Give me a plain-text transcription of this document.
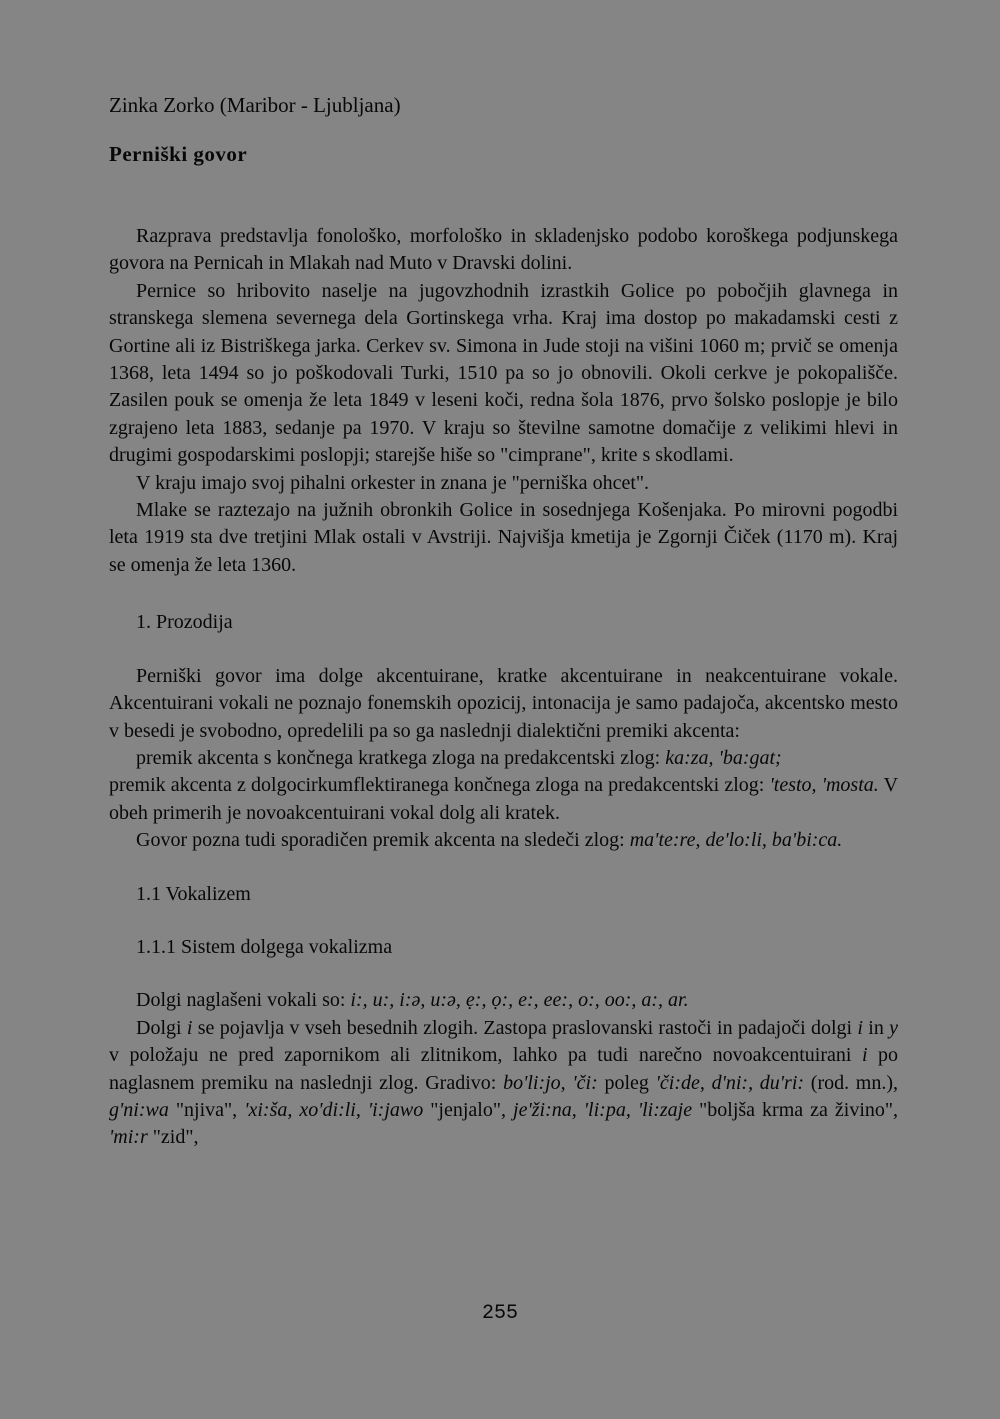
Zinka Zorko (Maribor - Ljubljana)
Perniški govor

Razprava predstavlja fonološko, morfološko in skladenjsko podobo koroškega podjunskega govora na Pernicah in Mlakah nad Muto v Dravski dolini.

Pernice so hribovito naselje na jugovzhodnih izrastkih Golice po pobočjih glavnega in stranskega slemena severnega dela Gortinskega vrha. Kraj ima dostop po makadamski cesti z Gortine ali iz Bistriškega jarka. Cerkev sv. Simona in Jude stoji na višini 1060 m; prvič se omenja 1368, leta 1494 so jo poškodovali Turki, 1510 pa so jo obnovili. Okoli cerkve je pokopališče. Zasilen pouk se omenja že leta 1849 v leseni koči, redna šola 1876, prvo šolsko poslopje je bilo zgrajeno leta 1883, sedanje pa 1970. V kraju so številne samotne domačije z velikimi hlevi in drugimi gospodarskimi poslopji; starejše hiše so "cimprane", krite s skodlami.

V kraju imajo svoj pihalni orkester in znana je "perniška ohcet".

Mlake se raztezajo na južnih obronkih Golice in sosednjega Košenjaka. Po mirovni pogodbi leta 1919 sta dve tretjini Mlak ostali v Avstriji. Najvišja kmetija je Zgornji Čiček (1170 m). Kraj se omenja že leta 1360.

1. Prozodija

Perniški govor ima dolge akcentuirane, kratke akcentuirane in neakcentuirane vokale. Akcentuirani vokali ne poznajo fonemskih opozicij, intonacija je samo padajoča, akcentsko mesto v besedi je svobodno, opredelili pa so ga naslednji dialektični premiki akcenta:

premik akcenta s končnega kratkega zloga na predakcentski zlog: ka:za, 'ba:gat;

premik akcenta z dolgocirkumflektiranega končnega zloga na predakcentski zlog: 'testo, 'mosta. V obeh primerih je novoakcentuirani vokal dolg ali kratek.

Govor pozna tudi sporadičen premik akcenta na sledeči zlog: ma'te:re, de'lo:li, ba'bi:ca.

1.1 Vokalizem

1.1.1 Sistem dolgega vokalizma

Dolgi naglašeni vokali so: i:, u:, i:ə, u:ə, ẹ:, ọ:, e:, ee:, o:, oo:, a:, ar.

Dolgi i se pojavlja v vseh besednih zlogih. Zastopa praslovanski rastoči in padajoči dolgi i in y v položaju ne pred zapornikom ali zlitnikom, lahko pa tudi narečno novoakcentuirani i po naglasnem premiku na naslednji zlog. Gradivo: bo'li:jo, 'či: poleg 'či:de, d'ni:, du'ri: (rod. mn.), g'ni:wa "njiva", 'xi:ša, xo'di:li, 'i:jawo "jenjalo", je'ži:na, 'li:pa, 'li:zaje "boljša krma za živino", 'mi:r "zid",

255
